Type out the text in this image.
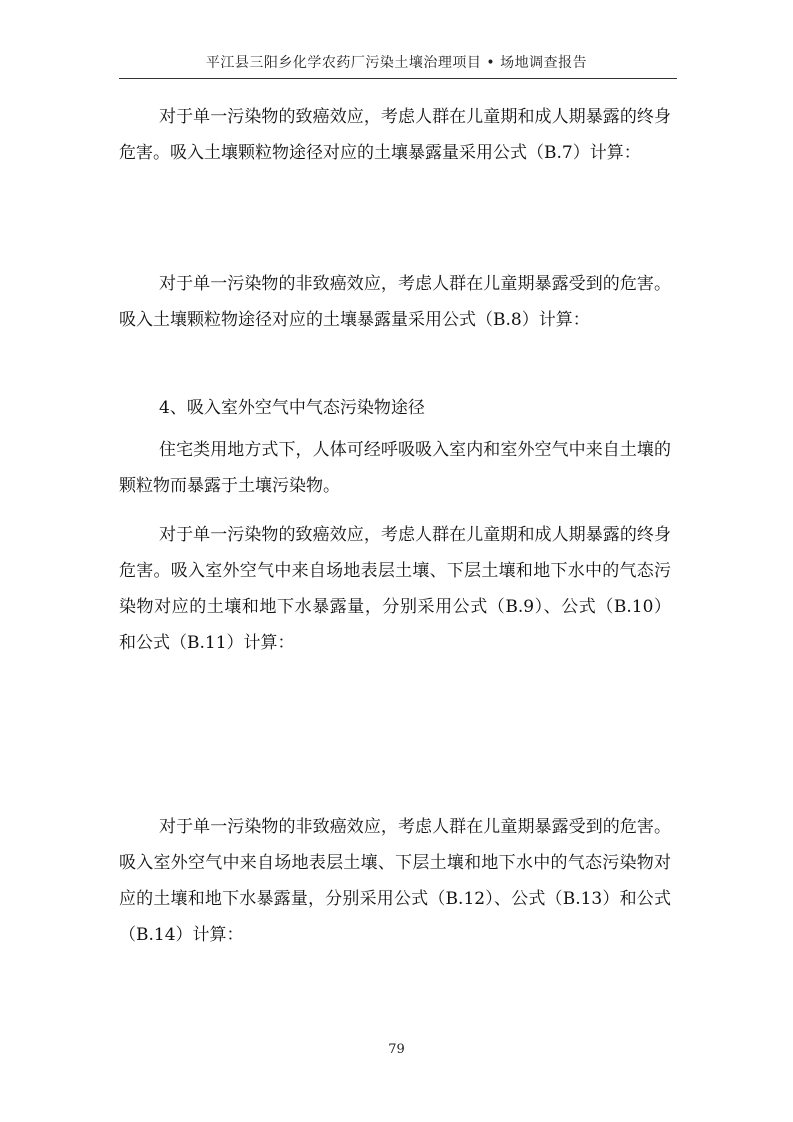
平江县三阳乡化学农药厂污染土壤治理项目 • 场地调查报告

对于单一污染物的致癌效应，考虑人群在儿童期和成人期暴露的终身危害。吸入土壤颗粒物途径对应的土壤暴露量采用公式（B.7）计算：

对于单一污染物的非致癌效应，考虑人群在儿童期暴露受到的危害。吸入土壤颗粒物途径对应的土壤暴露量采用公式（B.8）计算：

4、吸入室外空气中气态污染物途径

住宅类用地方式下，人体可经呼吸吸入室内和室外空气中来自土壤的颗粒物而暴露于土壤污染物。

对于单一污染物的致癌效应，考虑人群在儿童期和成人期暴露的终身危害。吸入室外空气中来自场地表层土壤、下层土壤和地下水中的气态污染物对应的土壤和地下水暴露量，分别采用公式（B.9）、公式（B.10）和公式（B.11）计算：

对于单一污染物的非致癌效应，考虑人群在儿童期暴露受到的危害。吸入室外空气中来自场地表层土壤、下层土壤和地下水中的气态污染物对应的土壤和地下水暴露量，分别采用公式（B.12）、公式（B.13）和公式（B.14）计算：

79
